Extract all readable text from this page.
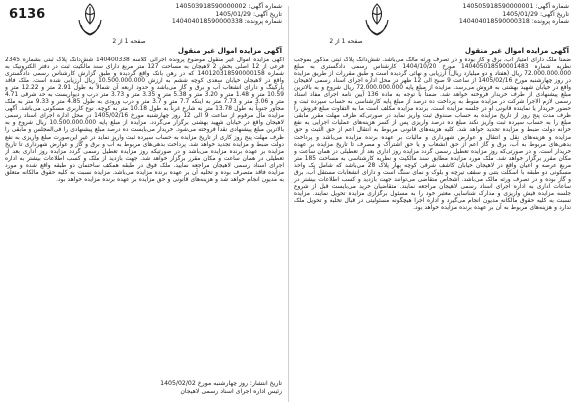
6136
شماره آگهی: 140503918590000002
تاریخ آگهی: 1405/01/29
شماره پرونده: 140404018590000338
صفحه 1 از 2
آگهی مزایده اموال غیر منقول
آگهی مزایده اموال غیر منقول موضوع پرونده اجرائی کلاسه 140400338 شش‌دانگ پلاک ثبتی بشماره 2345 فرعی از 12 اصلی بخش 2 لاهیجان به مساحت 127 متر مربع دارای سند مالکیت ثبت در دفتر الکترونیک به شماره 140120318590000158 که در رهن بانک واقع گردیده و طبق گزارش کارشناس رسمی دادگستری واقع در لاهیجان خیابان سعدی کوچه ششم به ارزش 10.500.000.000 ریال ارزیابی شده است. ملک فاقد پارکینگ و دارای انشعاب آب و برق و گاز می‌باشد و حدود اربعه آن شمالاً به طول 2.91 متر و 12.22 متر و 10.59 متر و 1.48 متر و 3.20 متر و 5.38 متر و 3.35 متر و 3.73 متر درب و دیواریست به حد شرقی 4.71 متر و 3.06 متر و 7.73 متر به اینکه 7.7 متر و 3.7 متر و درب ورودی به طول 4.85 متر و 9.33 متر به ملک مجاور جنوباً به طول 13.78 متر به شارع غرباً به طول 10.18 متر به کوچه. نوع کاربری مسکونی می‌باشد. آگهی مزایده مال مرقوم از ساعت 9 الی 12 روز ‌چهارشنبه مورخ 1405/02/16 در محل اداره اجرای اسناد رسمی لاهیجان واقع در خیابان شهید بهشتی برگزار می‌گردد. مزایده از مبلغ پایه 10.500.000.000 ریال شروع و به بالاترین مبلغ پیشنهادی نقداً فروخته می‌شود. خریدار می‌بایست ده درصد مبلغ پیشنهادی را فی‌المجلس و مابقی را ظرف مهلت پنج روز کاری از تاریخ مزایده به حساب سپرده ثبت واریز نماید در غیر این‌صورت مبلغ واریزی به نفع دولت ضبط و مزایده تجدید خواهد شد. پرداخت بدهی‌های مربوط به آب و برق و گاز و عوارض شهرداری تا تاریخ مزایده بر عهده برنده مزایده می‌باشد و در صورتیکه روز مزایده تعطیل رسمی گردد مزایده روز اداری بعد از تعطیلی در همان ساعت و مکان مقرر برگزار خواهد شد. جهت بازدید از ملک و کسب اطلاعات بیشتر به اداره اجرای اسناد رسمی لاهیجان مراجعه نمایید. ملک فوق در طبقه همکف ساختمان دو طبقه واقع شده و مورد مزایده فاقد متصرف بوده و تخلیه آن بر عهده برنده مزایده می‌باشد. مزایده نسبت به کلیه حقوق مالکانه متعلق به مدیون انجام خواهد شد و هزینه‌های قانونی و حق مزایده بر عهده برنده مزایده خواهد بود.
تاریخ انتشار: روز چهارشنبه مورخ 1405/02/02
رئیس اداره اجرای اسناد رسمی لاهیجان
شماره آگهی: 140505918590000001
تاریخ آگهی: 1405/01/29
شماره پرونده: 140404018590000318
صفحه 1 از 2
آگهی مزایده اموال غیر منقول
ضمنا ملک دارای امتیاز آب، برق و گاز بوده و در تصرف ورثه مالک می‌باشد. شش‌دانگ پلاک ثبتی مذکور بموجب نظریه شماره 140405018590001483 مورخ 1404/10/20 کارشناس رسمی دادگستری به مبلغ 72.000.000.000 ریال (هفتاد و دو میلیارد ریال) ارزیابی و نهائی گردیده است و طبق مقررات از طریق مزایده در روز چهارشنبه مورخ 1405/02/16 از ساعت 9 صبح الی 12 ظهر در محل اداره اجرای اسناد رسمی لاهیجان واقع در خیابان شهید بهشتی به فروش می‌رسد. مزایده از مبلغ پایه 72.000.000.000 ریال شروع و به بالاترین مبلغ پیشنهادی از طرف خریدار فروخته خواهد شد. ضمناً با توجه به ماده 136 آیین نامه اجرای مفاد اسناد رسمی لازم الاجرا شرکت در مزایده منوط به پرداخت ده درصد از مبلغ پایه کارشناسی به حساب سپرده ثبت و حضور خریدار یا نماینده قانونی او در جلسه مزایده است. برنده مزایده مکلف است ما به التفاوت مبلغ فروش را ظرف مدت پنج روز از تاریخ مزایده به حساب صندوق ثبت واریز نماید در صورتی‌که ظرف مهلت مقرر مابقی مبلغ را به حساب سپرده ثبت واریز نکند مبلغ ده درصد واریزی پس از کسر هزینه‌های عملیات اجرایی به نفع خزانه دولت ضبط و مزایده تجدید خواهد شد. کلیه هزینه‌های قانونی مربوط به انتقال اعم از حق الثبت و حق مزایده و هزینه‌های نقل و انتقال و عوارض شهرداری و مالیات بر عهده برنده مزایده می‌باشد و پرداخت بدهی‌های مربوط به آب، برق و گاز اعم از حق انشعاب و یا حق اشتراک و مصرف تا تاریخ مزایده بر عهده خریدار است. و در صورتی‌که روز مزایده تعطیل رسمی گردد مزایده روز اداری بعد از تعطیلی در همان ساعت و مکان مقرر برگزار خواهد شد. ملک مورد مزایده مطابق سند مالکیت و نظریه کارشناسی به مساحت 185 متر مربع عرصه و اعیان واقع در لاهیجان خیابان کاشف شرقی کوچه بهار پلاک 28 می‌باشد که شامل یک واحد مسکونی دو طبقه با اسکلت بتنی و سقف تیرچه و بلوک و نمای سنگ است و دارای انشعابات مستقل آب، برق و گاز بوده و در تصرف ورثه مالک می‌باشد. اشخاص متقاضی می‌توانند جهت بازدید و کسب اطلاعات بیشتر در ساعات اداری به اداره اجرای اسناد رسمی لاهیجان مراجعه نمایند. متقاضیان خرید می‌بایست قبل از شروع جلسه مزایده فیش واریزی و مدارک شناسایی معتبر خود را به مسئول برگزاری مزایده تحویل نمایند. مزایده نسبت به کلیه حقوق مالکانه مدیون انجام می‌گیرد و اداره اجرا هیچگونه مسئولیتی در قبال تخلیه و تحویل ملک ندارد و هزینه‌های مربوط به آن بر عهده برنده مزایده خواهد بود.
